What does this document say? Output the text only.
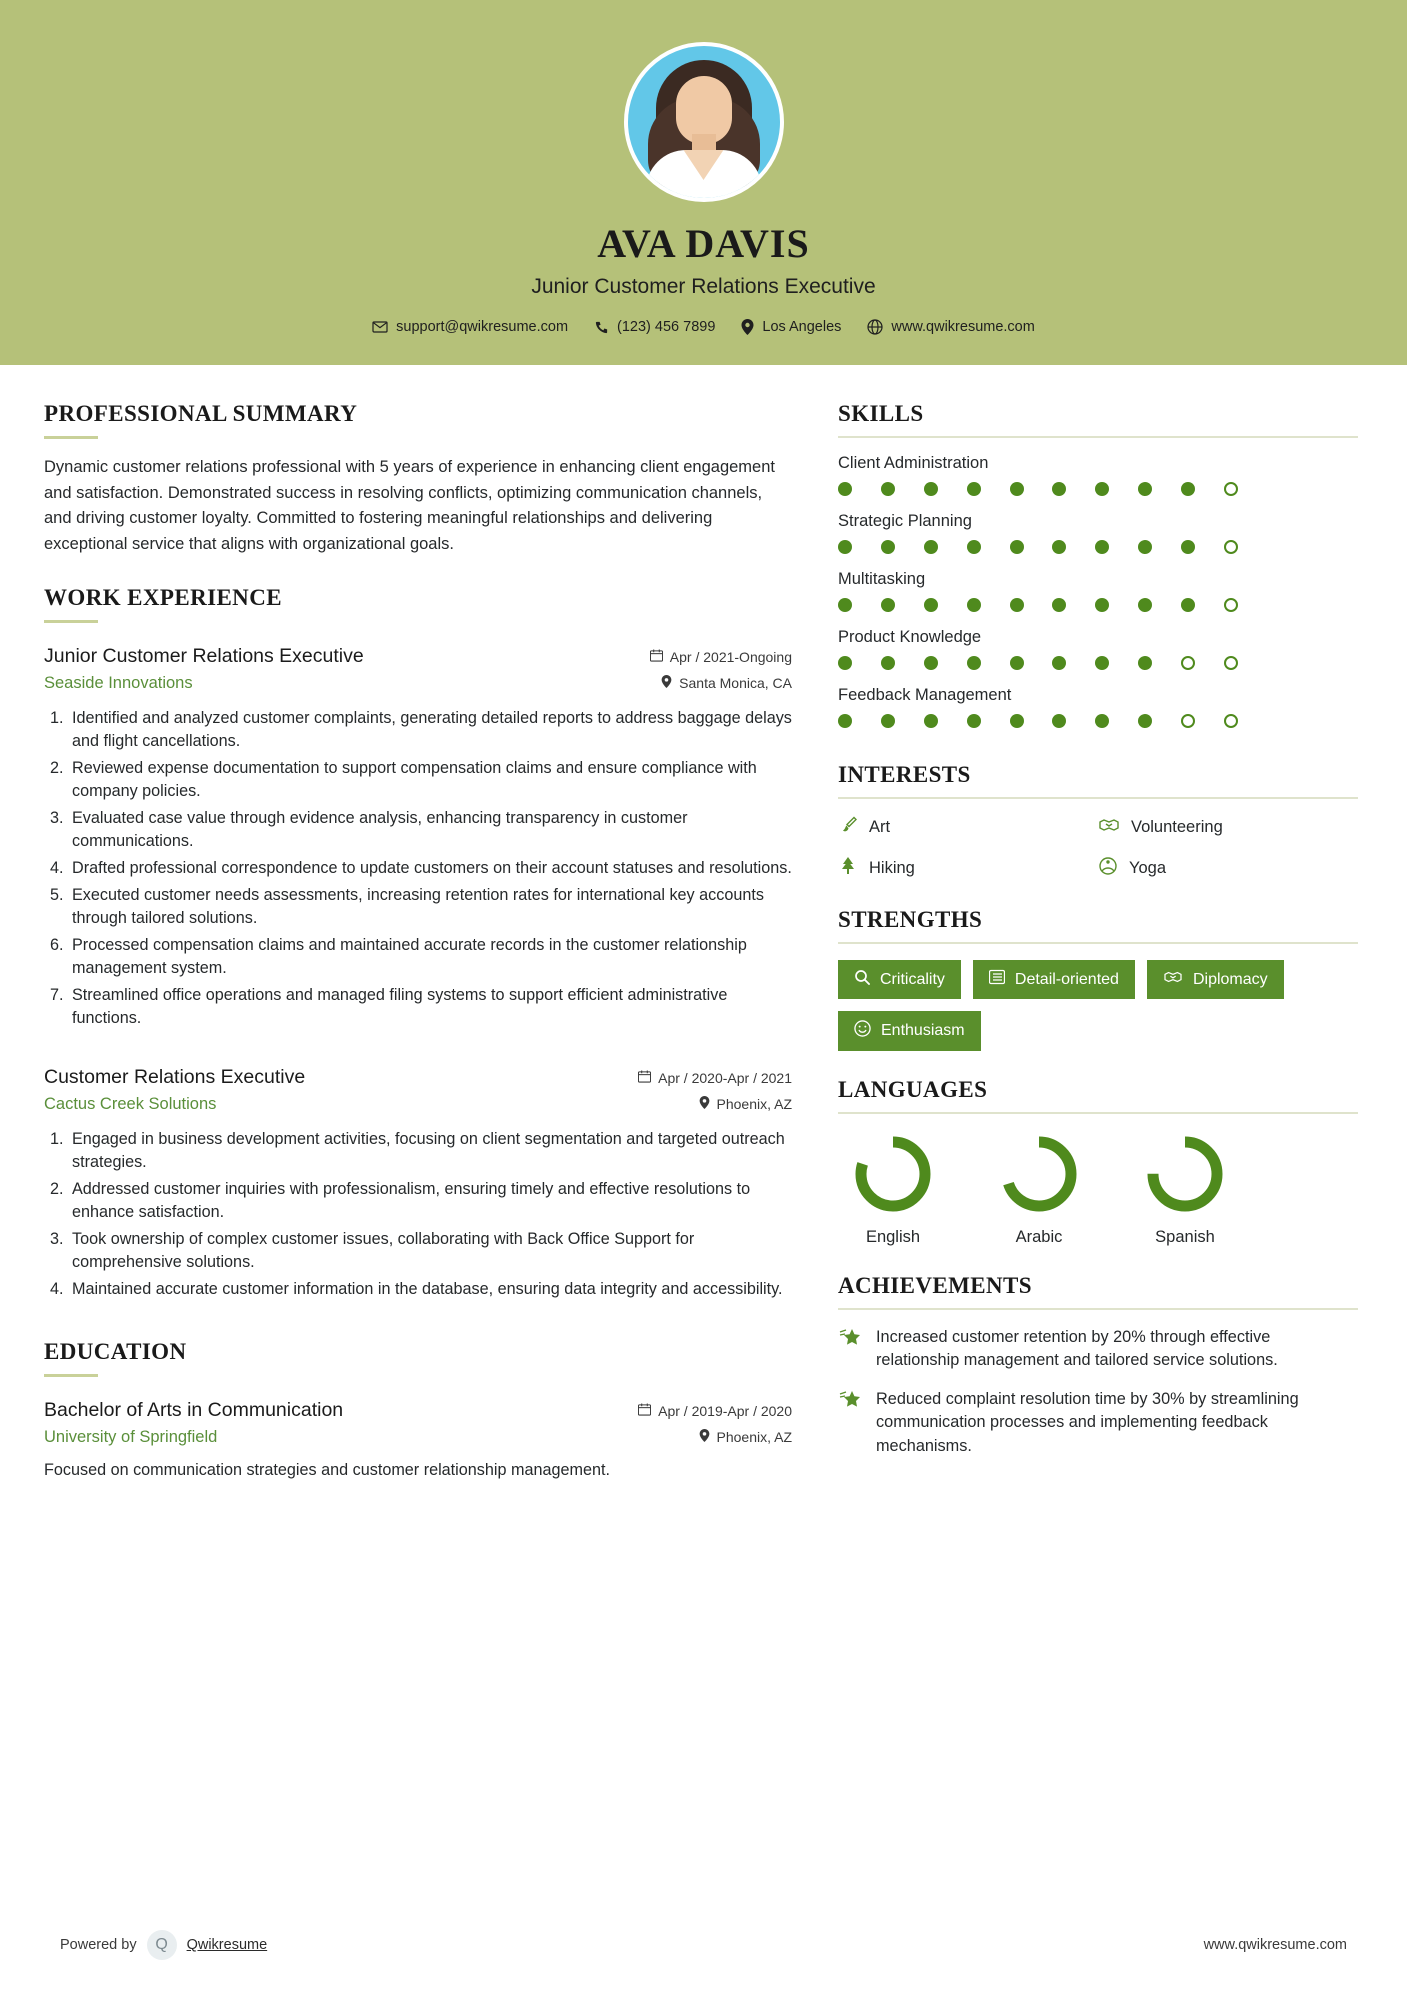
AVA DAVIS
Junior Customer Relations Executive
support@qwikresume.com	(123) 456 7899	Los Angeles	www.qwikresume.com
PROFESSIONAL SUMMARY
Dynamic customer relations professional with 5 years of experience in enhancing client engagement and satisfaction. Demonstrated success in resolving conflicts, optimizing communication channels, and driving customer loyalty. Committed to fostering meaningful relationships and delivering exceptional service that aligns with organizational goals.
WORK EXPERIENCE
Junior Customer Relations Executive	Apr / 2021-Ongoing
Seaside Innovations	Santa Monica, CA
1. Identified and analyzed customer complaints, generating detailed reports to address baggage delays and flight cancellations.
2. Reviewed expense documentation to support compensation claims and ensure compliance with company policies.
3. Evaluated case value through evidence analysis, enhancing transparency in customer communications.
4. Drafted professional correspondence to update customers on their account statuses and resolutions.
5. Executed customer needs assessments, increasing retention rates for international key accounts through tailored solutions.
6. Processed compensation claims and maintained accurate records in the customer relationship management system.
7. Streamlined office operations and managed filing systems to support efficient administrative functions.
Customer Relations Executive	Apr / 2020-Apr / 2021
Cactus Creek Solutions	Phoenix, AZ
1. Engaged in business development activities, focusing on client segmentation and targeted outreach strategies.
2. Addressed customer inquiries with professionalism, ensuring timely and effective resolutions to enhance satisfaction.
3. Took ownership of complex customer issues, collaborating with Back Office Support for comprehensive solutions.
4. Maintained accurate customer information in the database, ensuring data integrity and accessibility.
EDUCATION
Bachelor of Arts in Communication	Apr / 2019-Apr / 2020
University of Springfield	Phoenix, AZ
Focused on communication strategies and customer relationship management.
SKILLS
Client Administration
Strategic Planning
Multitasking
Product Knowledge
Feedback Management
INTERESTS
Art	Volunteering
Hiking	Yoga
STRENGTHS
Criticality	Detail-oriented	Diplomacy
Enthusiasm
LANGUAGES
English	Arabic	Spanish
ACHIEVEMENTS
Increased customer retention by 20% through effective relationship management and tailored service solutions.
Reduced complaint resolution time by 30% by streamlining communication processes and implementing feedback mechanisms.
Powered by	Q	Qwikresume	www.qwikresume.com
